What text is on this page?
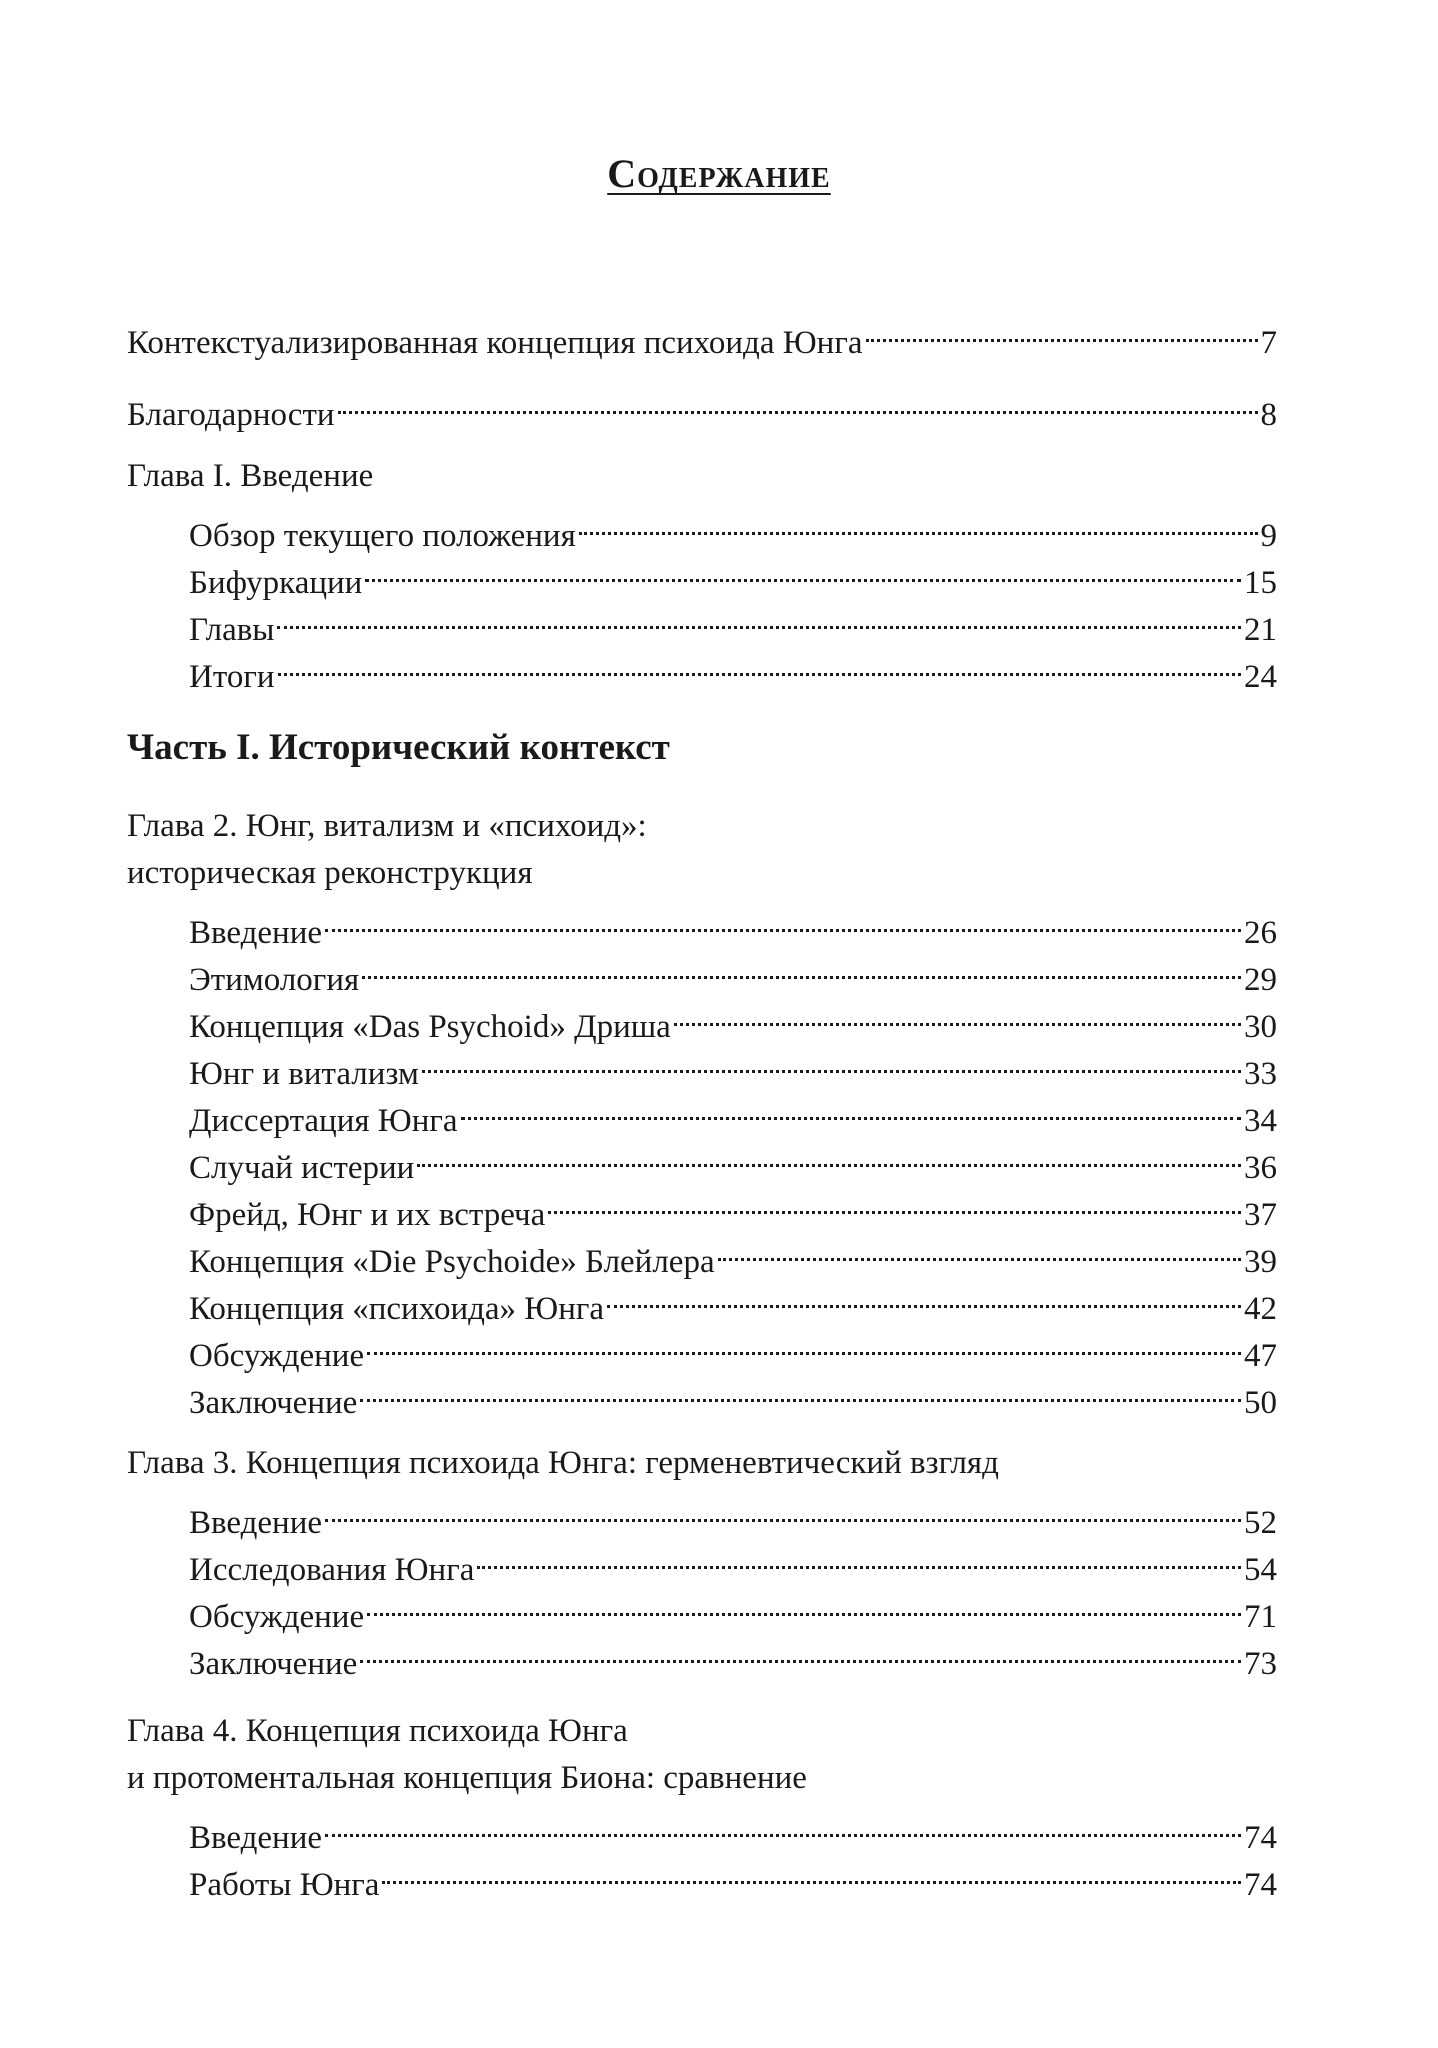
Содержание
Контекстуализированная концепция психоида Юнга	7
Благодарности	8
Глава I. Введение
Обзор текущего положения	9
Бифуркации	15
Главы	21
Итоги	24
Часть I. Исторический контекст
Глава 2. Юнг, витализм и «психоид»:
историческая реконструкция
Введение	26
Этимология	29
Концепция «Das Psychoid» Дриша	30
Юнг и витализм	33
Диссертация Юнга	34
Случай истерии	36
Фрейд, Юнг и их встреча	37
Концепция «Die Psychoide» Блейлера	39
Концепция «психоида» Юнга	42
Обсуждение	47
Заключение	50
Глава 3. Концепция психоида Юнга: герменевтический взгляд
Введение	52
Исследования Юнга	54
Обсуждение	71
Заключение	73
Глава 4. Концепция психоида Юнга
и протоментальная концепция Биона: сравнение
Введение	74
Работы Юнга	74
